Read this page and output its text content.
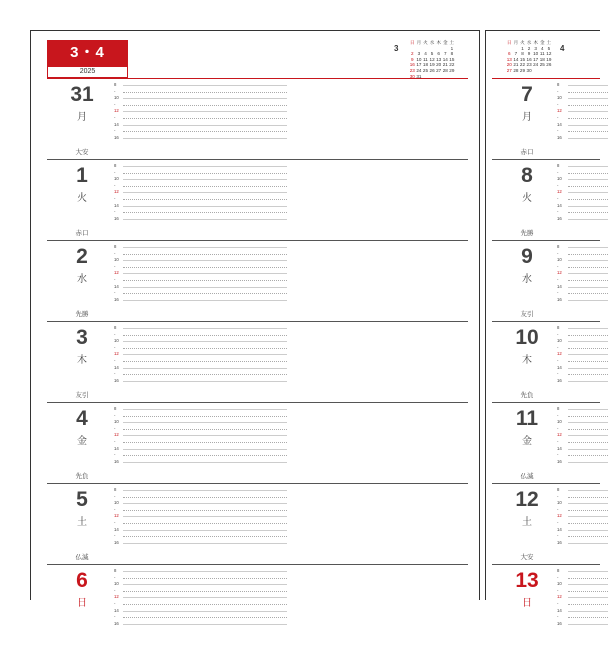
3・4
2025
3
日 月 火 水 木 金 土
1
2 3 4 5 6 7 8
9 10 11 12 13 14 15
16 17 18 19 20 21 22
23 24 25 26 27 28 29
30 31
日 月 火 水 木 金 土
1 2 3 4 5
6 7 8 9 10 11 12
13 14 15 16 17 18 19
20 21 22 23 24 25 26
27 28 29 30
4
31
月
大安
8
-
10
-
12
-
14
-
16
1
火
赤口
8
-
10
-
12
-
14
-
16
2
水
先勝
8
-
10
-
12
-
14
-
16
3
木
友引
8
-
10
-
12
-
14
-
16
4
金
先負
8
-
10
-
12
-
14
-
16
5
土
仏滅
8
-
10
-
12
-
14
-
16
6
日
8
-
10
-
12
-
14
-
16
7
月
赤口
8
-
10
-
12
-
14
-
16
8
火
先勝
8
-
10
-
12
-
14
-
16
9
水
友引
8
-
10
-
12
-
14
-
16
10
木
先負
8
-
10
-
12
-
14
-
16
11
金
仏滅
8
-
10
-
12
-
14
-
16
12
土
大安
8
-
10
-
12
-
14
-
16
13
日
8
-
10
-
12
-
14
-
16
